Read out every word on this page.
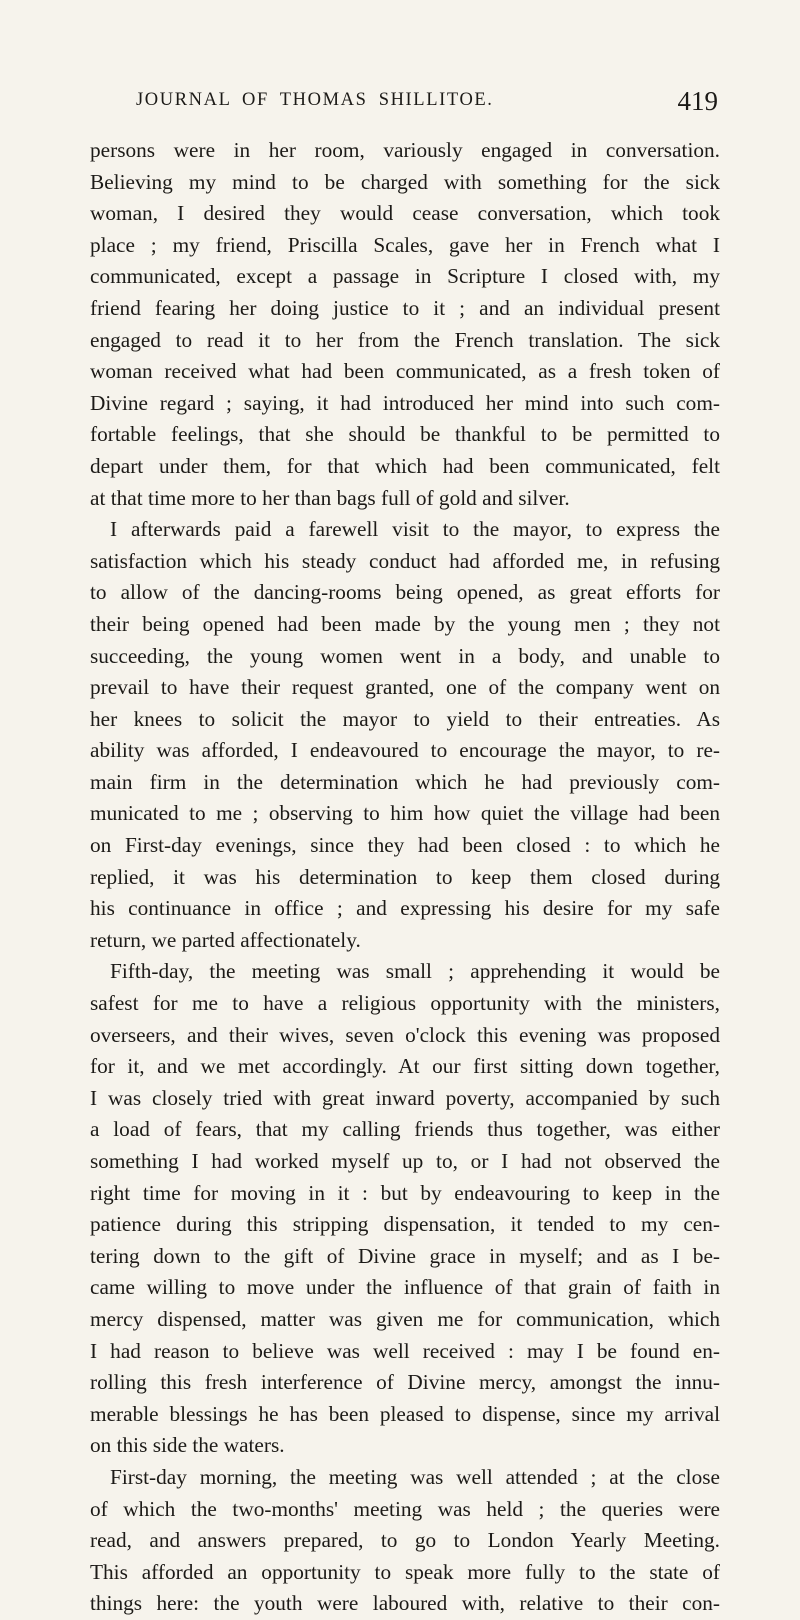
JOURNAL OF THOMAS SHILLITOE.	419
persons were in her room, variously engaged in conversation.
Believing my mind to be charged with something for the sick
woman, I desired they would cease conversation, which took
place ; my friend, Priscilla Scales, gave her in French what I
communicated, except a passage in Scripture I closed with, my
friend fearing her doing justice to it ; and an individual present
engaged to read it to her from the French translation. The sick
woman received what had been communicated, as a fresh token of
Divine regard ; saying, it had introduced her mind into such com-
fortable feelings, that she should be thankful to be permitted to
depart under them, for that which had been communicated, felt
at that time more to her than bags full of gold and silver.
I afterwards paid a farewell visit to the mayor, to express the
satisfaction which his steady conduct had afforded me, in refusing
to allow of the dancing-rooms being opened, as great efforts for
their being opened had been made by the young men ; they not
succeeding, the young women went in a body, and unable to
prevail to have their request granted, one of the company went on
her knees to solicit the mayor to yield to their entreaties. As
ability was afforded, I endeavoured to encourage the mayor, to re-
main firm in the determination which he had previously com-
municated to me ; observing to him how quiet the village had been
on First-day evenings, since they had been closed : to which he
replied, it was his determination to keep them closed during
his continuance in office ; and expressing his desire for my safe
return, we parted affectionately.
Fifth-day, the meeting was small ; apprehending it would be
safest for me to have a religious opportunity with the ministers,
overseers, and their wives, seven o'clock this evening was proposed
for it, and we met accordingly. At our first sitting down together,
I was closely tried with great inward poverty, accompanied by such
a load of fears, that my calling friends thus together, was either
something I had worked myself up to, or I had not observed the
right time for moving in it : but by endeavouring to keep in the
patience during this stripping dispensation, it tended to my cen-
tering down to the gift of Divine grace in myself; and as I be-
came willing to move under the influence of that grain of faith in
mercy dispensed, matter was given me for communication, which
I had reason to believe was well received : may I be found en-
rolling this fresh interference of Divine mercy, amongst the innu-
merable blessings he has been pleased to dispense, since my arrival
on this side the waters.
First-day morning, the meeting was well attended ; at the close
of which the two-months' meeting was held ; the queries were
read, and answers prepared, to go to London Yearly Meeting.
This afforded an opportunity to speak more fully to the state of
things here: the youth were laboured with, relative to their con-
